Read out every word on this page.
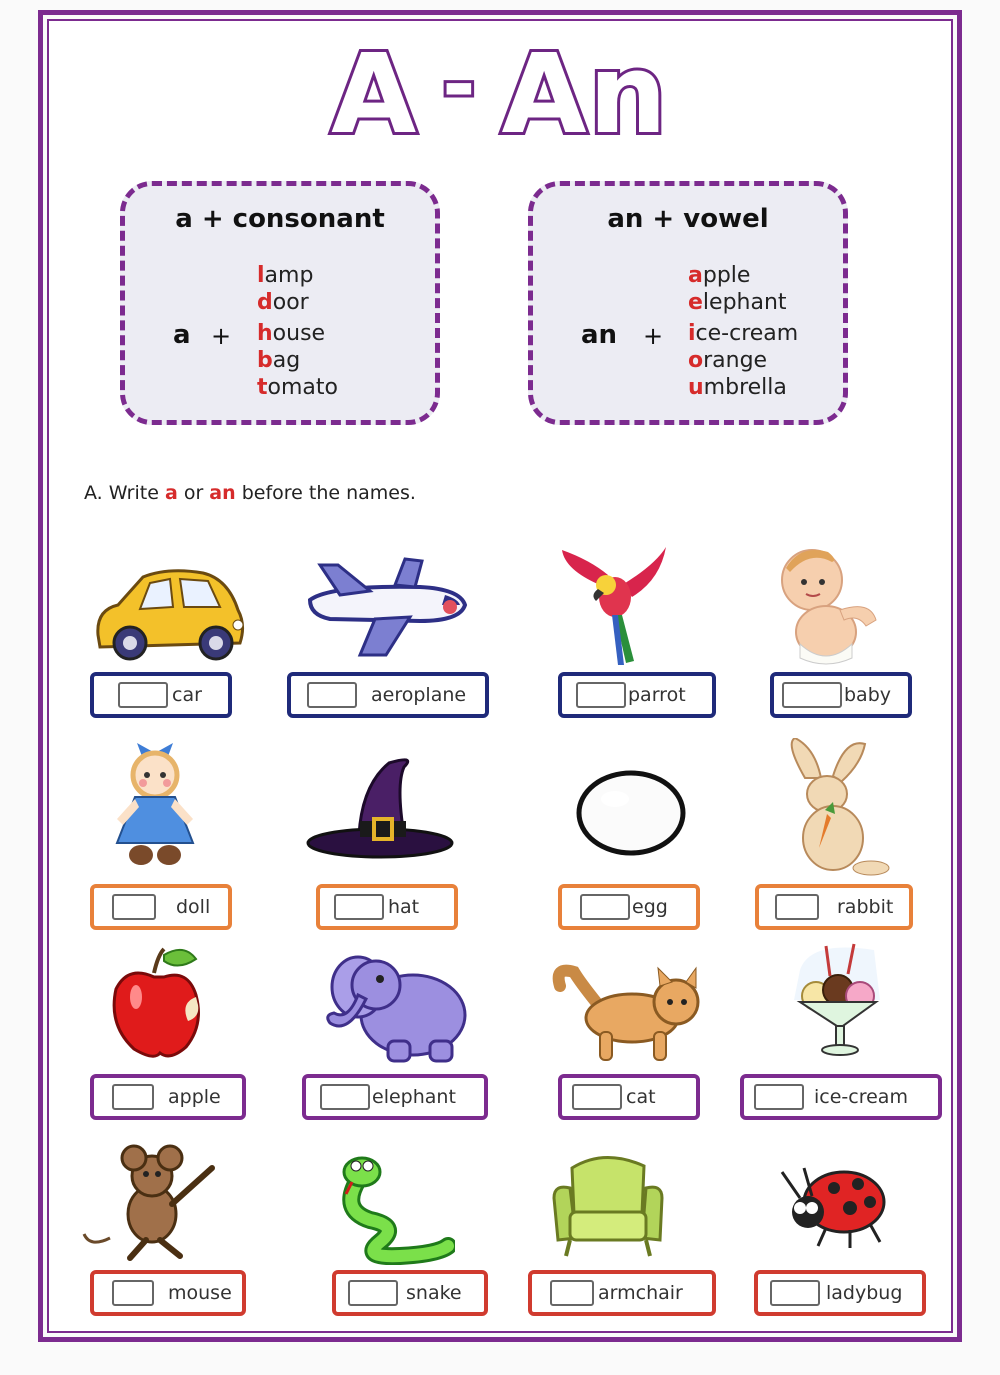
A - An
a + consonant
a +
lamp
door
house
bag
tomato
an + vowel
an +
apple
elephant
ice-cream
orange
umbrella
A. Write a or an before the names.
car	aeroplane	parrot	baby
doll	hat	egg	rabbit
apple	elephant	cat	ice-cream
mouse	snake	armchair	ladybug
